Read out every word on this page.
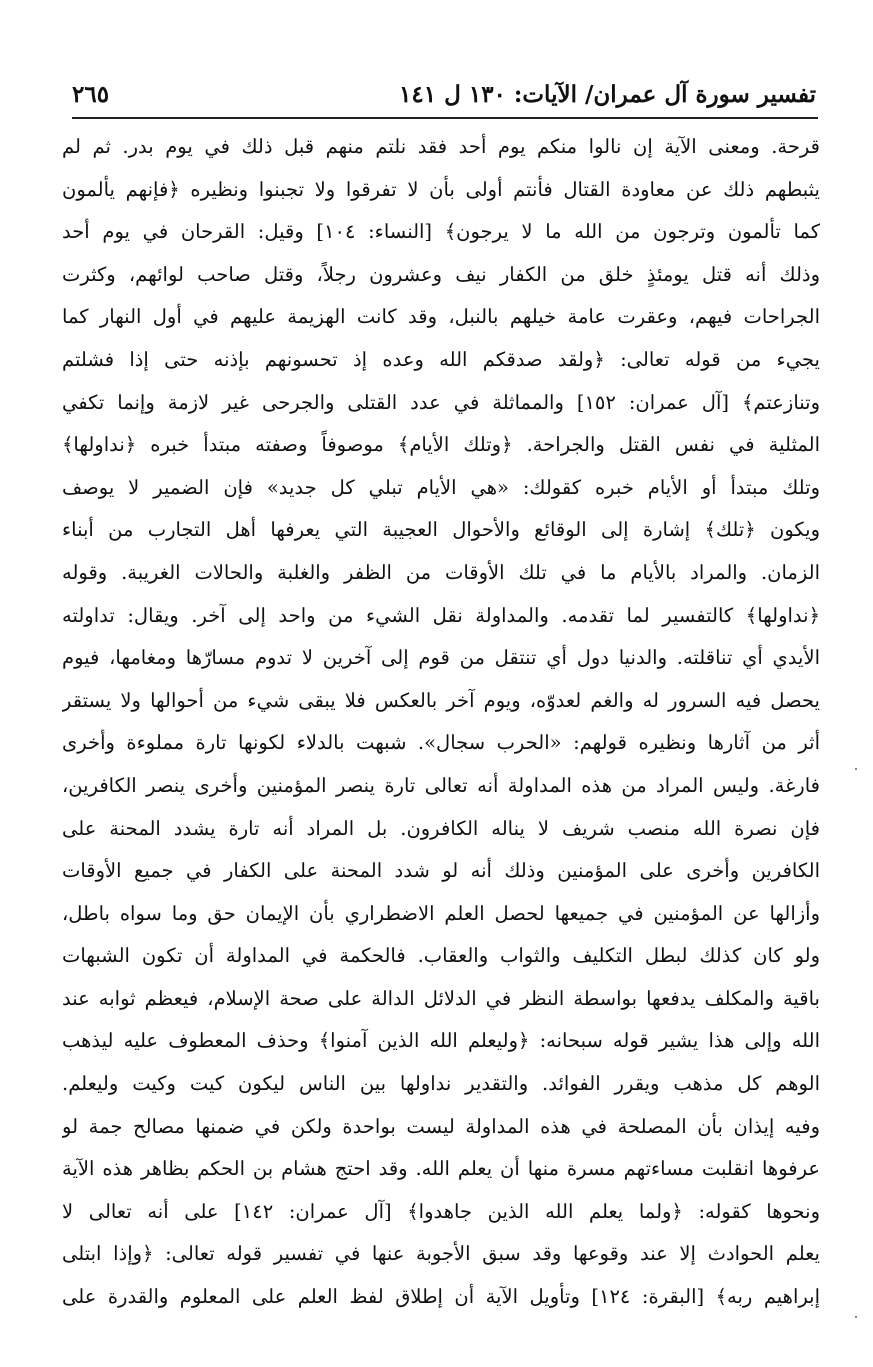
تفسير سورة آل عمران/ الآيات: ١٣٠ ل ١٤١
٢٦٥
قرحة. ومعنى الآية إن نالوا منكم يوم أحد فقد نلتم منهم قبل ذلك في يوم بدر. ثم لم
يثبطهم ذلك عن معاودة القتال فأنتم أولى بأن لا تفرقوا ولا تجبنوا ونظيره ﴿فإنهم يألمون
كما تألمون وترجون من الله ما لا يرجون﴾ [النساء: ١٠٤] وقيل: القرحان في يوم أحد
وذلك أنه قتل يومئذٍ خلق من الكفار نيف وعشرون رجلاً، وقتل صاحب لوائهم، وكثرت
الجراحات فيهم، وعقرت عامة خيلهم بالنبل، وقد كانت الهزيمة عليهم في أول النهار كما
يجيء من قوله تعالى: ﴿ولقد صدقكم الله وعده إذ تحسونهم بإذنه حتى إذا فشلتم
وتنازعتم﴾ [آل عمران: ١٥٢] والمماثلة في عدد القتلى والجرحى غير لازمة وإنما تكفي
المثلية في نفس القتل والجراحة. ﴿وتلك الأيام﴾ موصوفاً وصفته مبتدأ خبره ﴿نداولها﴾
وتلك مبتدأ أو الأيام خبره كقولك: «هي الأيام تبلي كل جديد» فإن الضمير لا يوصف
ويكون ﴿تلك﴾ إشارة إلى الوقائع والأحوال العجيبة التي يعرفها أهل التجارب من أبناء
الزمان. والمراد بالأيام ما في تلك الأوقات من الظفر والغلبة والحالات الغريبة. وقوله
﴿نداولها﴾ كالتفسير لما تقدمه. والمداولة نقل الشيء من واحد إلى آخر. ويقال: تداولته
الأيدي أي تناقلته. والدنيا دول أي تنتقل من قوم إلى آخرين لا تدوم مسارّها ومغامها، فيوم
يحصل فيه السرور له والغم لعدوّه، ويوم آخر بالعكس فلا يبقى شيء من أحوالها ولا يستقر
أثر من آثارها ونظيره قولهم: «الحرب سجال». شبهت بالدلاء لكونها تارة مملوءة وأخرى
فارغة. وليس المراد من هذه المداولة أنه تعالى تارة ينصر المؤمنين وأخرى ينصر الكافرين،
فإن نصرة الله منصب شريف لا يناله الكافرون. بل المراد أنه تارة يشدد المحنة على
الكافرين وأخرى على المؤمنين وذلك أنه لو شدد المحنة على الكفار في جميع الأوقات
وأزالها عن المؤمنين في جميعها لحصل العلم الاضطراري بأن الإيمان حق وما سواه باطل،
ولو كان كذلك لبطل التكليف والثواب والعقاب. فالحكمة في المداولة أن تكون الشبهات
باقية والمكلف يدفعها بواسطة النظر في الدلائل الدالة على صحة الإسلام، فيعظم ثوابه عند
الله وإلى هذا يشير قوله سبحانه: ﴿وليعلم الله الذين آمنوا﴾ وحذف المعطوف عليه ليذهب
الوهم كل مذهب ويقرر الفوائد. والتقدير نداولها بين الناس ليكون كيت وكيت وليعلم.
وفيه إيذان بأن المصلحة في هذه المداولة ليست بواحدة ولكن في ضمنها مصالح جمة لو
عرفوها انقلبت مساءتهم مسرة منها أن يعلم الله. وقد احتج هشام بن الحكم بظاهر هذه الآية
ونحوها كقوله: ﴿ولما يعلم الله الذين جاهدوا﴾ [آل عمران: ١٤٢] على أنه تعالى لا
يعلم الحوادث إلا عند وقوعها وقد سبق الأجوبة عنها في تفسير قوله تعالى: ﴿وإذا ابتلى
إبراهيم ربه﴾ [البقرة: ١٢٤] وتأويل الآية أن إطلاق لفظ العلم على المعلوم والقدرة على
